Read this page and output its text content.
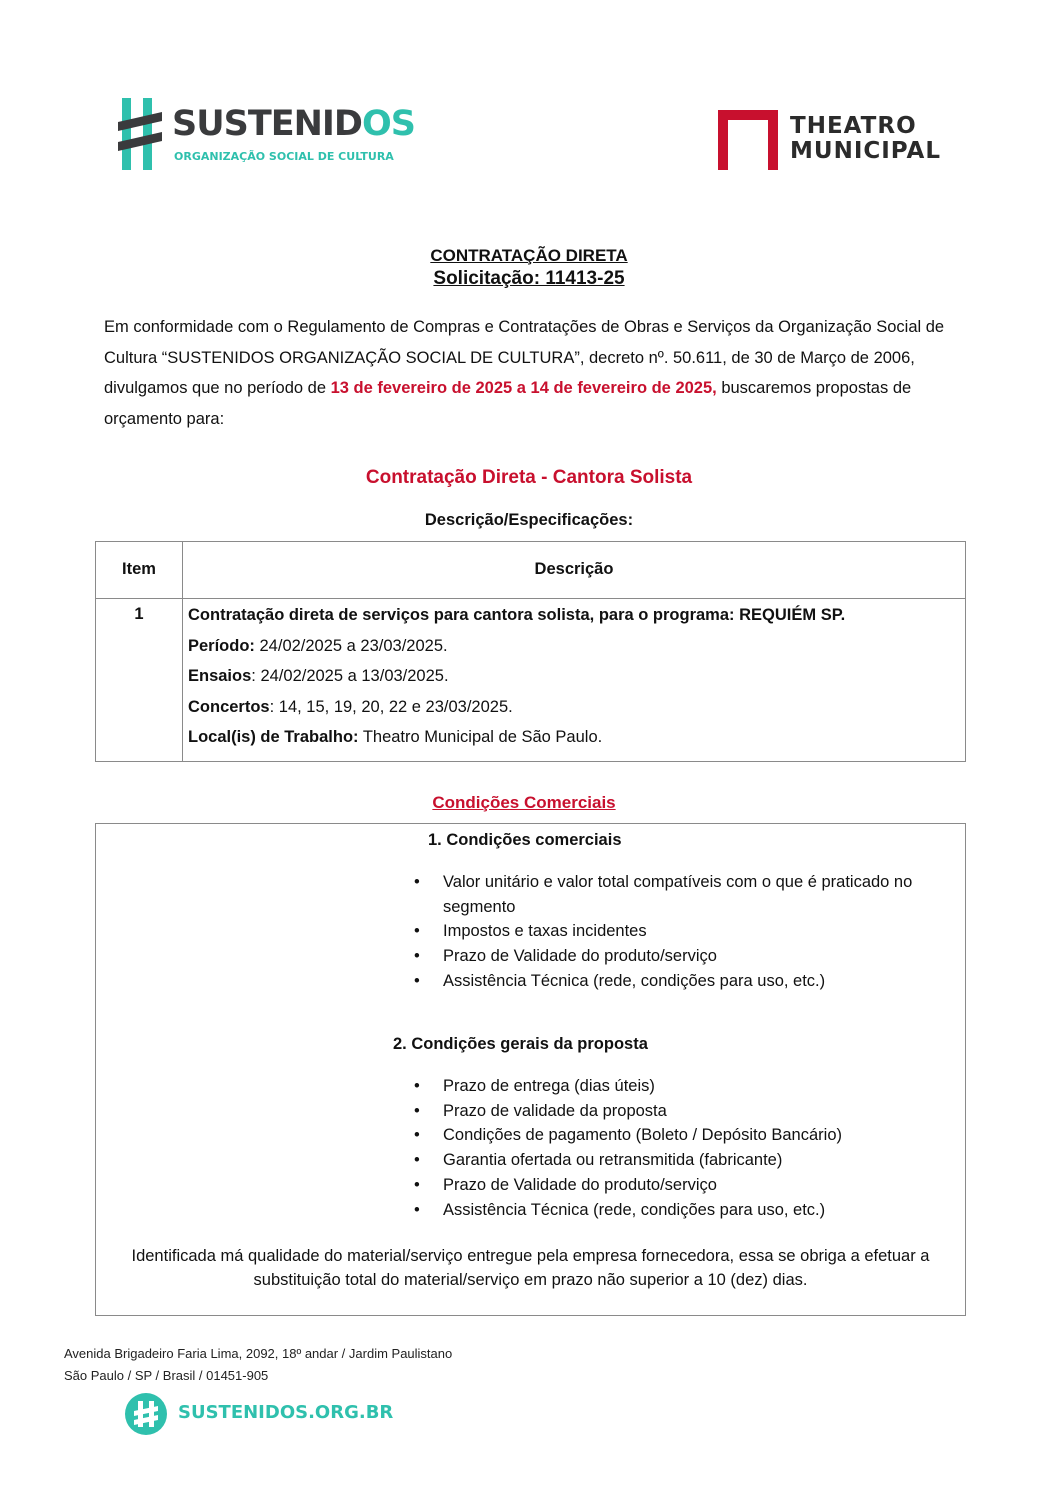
SUSTENIDOS
ORGANIZAÇÃO SOCIAL DE CULTURA
THEATRO
MUNICIPAL
CONTRATAÇÃO DIRETA
Solicitação: 11413-25
Em conformidade com o Regulamento de Compras e Contratações de Obras e Serviços da Organização Social de Cultura “SUSTENIDOS ORGANIZAÇÃO SOCIAL DE CULTURA”, decreto nº. 50.611, de 30 de Março de 2006, divulgamos que no período de 13 de fevereiro de 2025 a 14 de fevereiro de 2025, buscaremos propostas de orçamento para:
Contratação Direta - Cantora Solista
Descrição/Especificações:
Item	Descrição
1	Contratação direta de serviços para cantora solista, para o programa: REQUIÉM SP.
Período: 24/02/2025 a 23/03/2025.
Ensaios: 24/02/2025 a 13/03/2025.
Concertos: 14, 15, 19, 20, 22 e 23/03/2025.
Local(is) de Trabalho: Theatro Municipal de São Paulo.
Condições Comerciais
1. Condições comerciais
• Valor unitário e valor total compatíveis com o que é praticado no segmento
• Impostos e taxas incidentes
• Prazo de Validade do produto/serviço
• Assistência Técnica (rede, condições para uso, etc.)
2. Condições gerais da proposta
• Prazo de entrega (dias úteis)
• Prazo de validade da proposta
• Condições de pagamento (Boleto / Depósito Bancário)
• Garantia ofertada ou retransmitida (fabricante)
• Prazo de Validade do produto/serviço
• Assistência Técnica (rede, condições para uso, etc.)
Identificada má qualidade do material/serviço entregue pela empresa fornecedora, essa se obriga a efetuar a substituição total do material/serviço em prazo não superior a 10 (dez) dias.
Avenida Brigadeiro Faria Lima, 2092, 18º andar / Jardim Paulistano
São Paulo / SP / Brasil / 01451-905
SUSTENIDOS.ORG.BR
